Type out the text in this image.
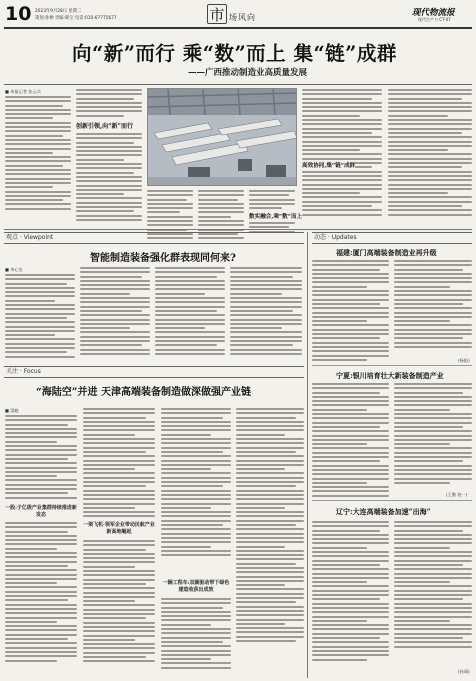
10 2023年9月28日 星期二
策划:孙翀 责编:韩宝 电话:010-67775677	市 场风向	现代物流报
现代生产力 CT-07
向“新”而行 乘“数”而上 集“链”成群
——广西推动制造业高质量发展
■ 本报记者 张云兵
创新引领,向“新”而行
数实融合,乘“数”而上
高效协同,集“链”成群
观点 · Viewpoint
智能制造装备强化群表现同何来?
■ 李心坐
动态 · Updates
福建:厦门高端装备制造业再升级
(杨阳)
宁夏:银川培育壮大新装备制造产业
(王勤 骆一)
辽宁:大连高端装备加速“出海”
(孙靖)
关注 · Focus
“海陆空”并进 天津高端装备制造做深做强产业链
■ 梁峻
一股:子亿级产业集群持续推进新发态
一架飞机·领军企业带动民航产业新高地崛起
一辆工程车:双碳驱动带下绿色建造收获出成效
